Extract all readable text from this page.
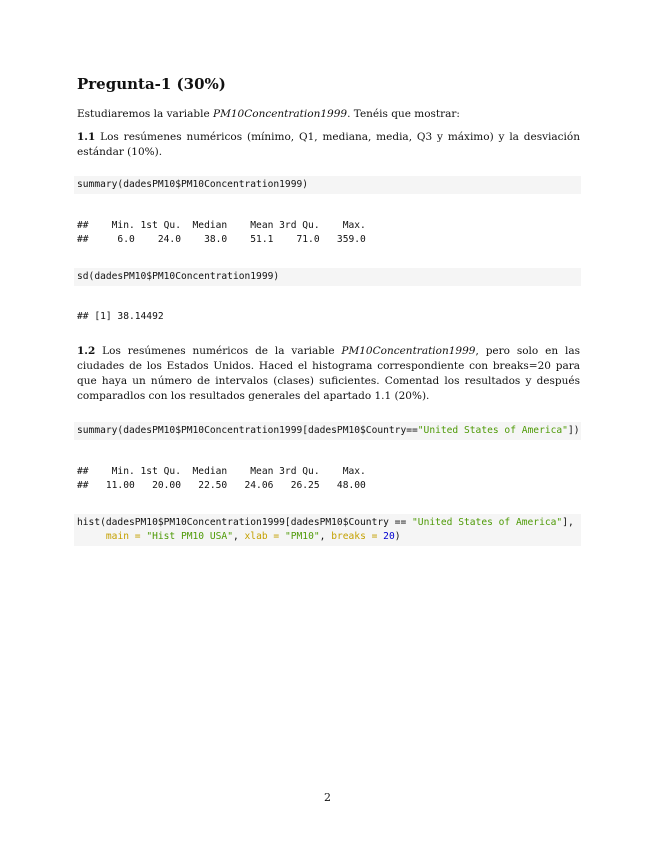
Pregunta-1 (30%)

Estudiaremos la variable PM10Concentration1999. Tenéis que mostrar:

1.1 Los resúmenes numéricos (mínimo, Q1, mediana, media, Q3 y máximo) y la desviación estándar (10%).

summary(dadesPM10$PM10Concentration1999)
##    Min. 1st Qu.  Median    Mean 3rd Qu.    Max.
##     6.0    24.0    38.0    51.1    71.0   359.0
sd(dadesPM10$PM10Concentration1999)
## [1] 38.14492

1.2 Los resúmenes numéricos de la variable PM10Concentration1999, pero solo en las ciudades de los Estados Unidos. Haced el histograma correspondiente con breaks=20 para que haya un número de intervalos (clases) suficientes. Comentad los resultados y después comparadlos con los resultados generales del apartado 1.1 (20%).

summary(dadesPM10$PM10Concentration1999[dadesPM10$Country=="United States of America"])
##    Min. 1st Qu.  Median    Mean 3rd Qu.    Max.
##   11.00   20.00   22.50   24.06   26.25   48.00
hist(dadesPM10$PM10Concentration1999[dadesPM10$Country == "United States of America"],
main = "Hist PM10 USA", xlab = "PM10", breaks = 20)
2
